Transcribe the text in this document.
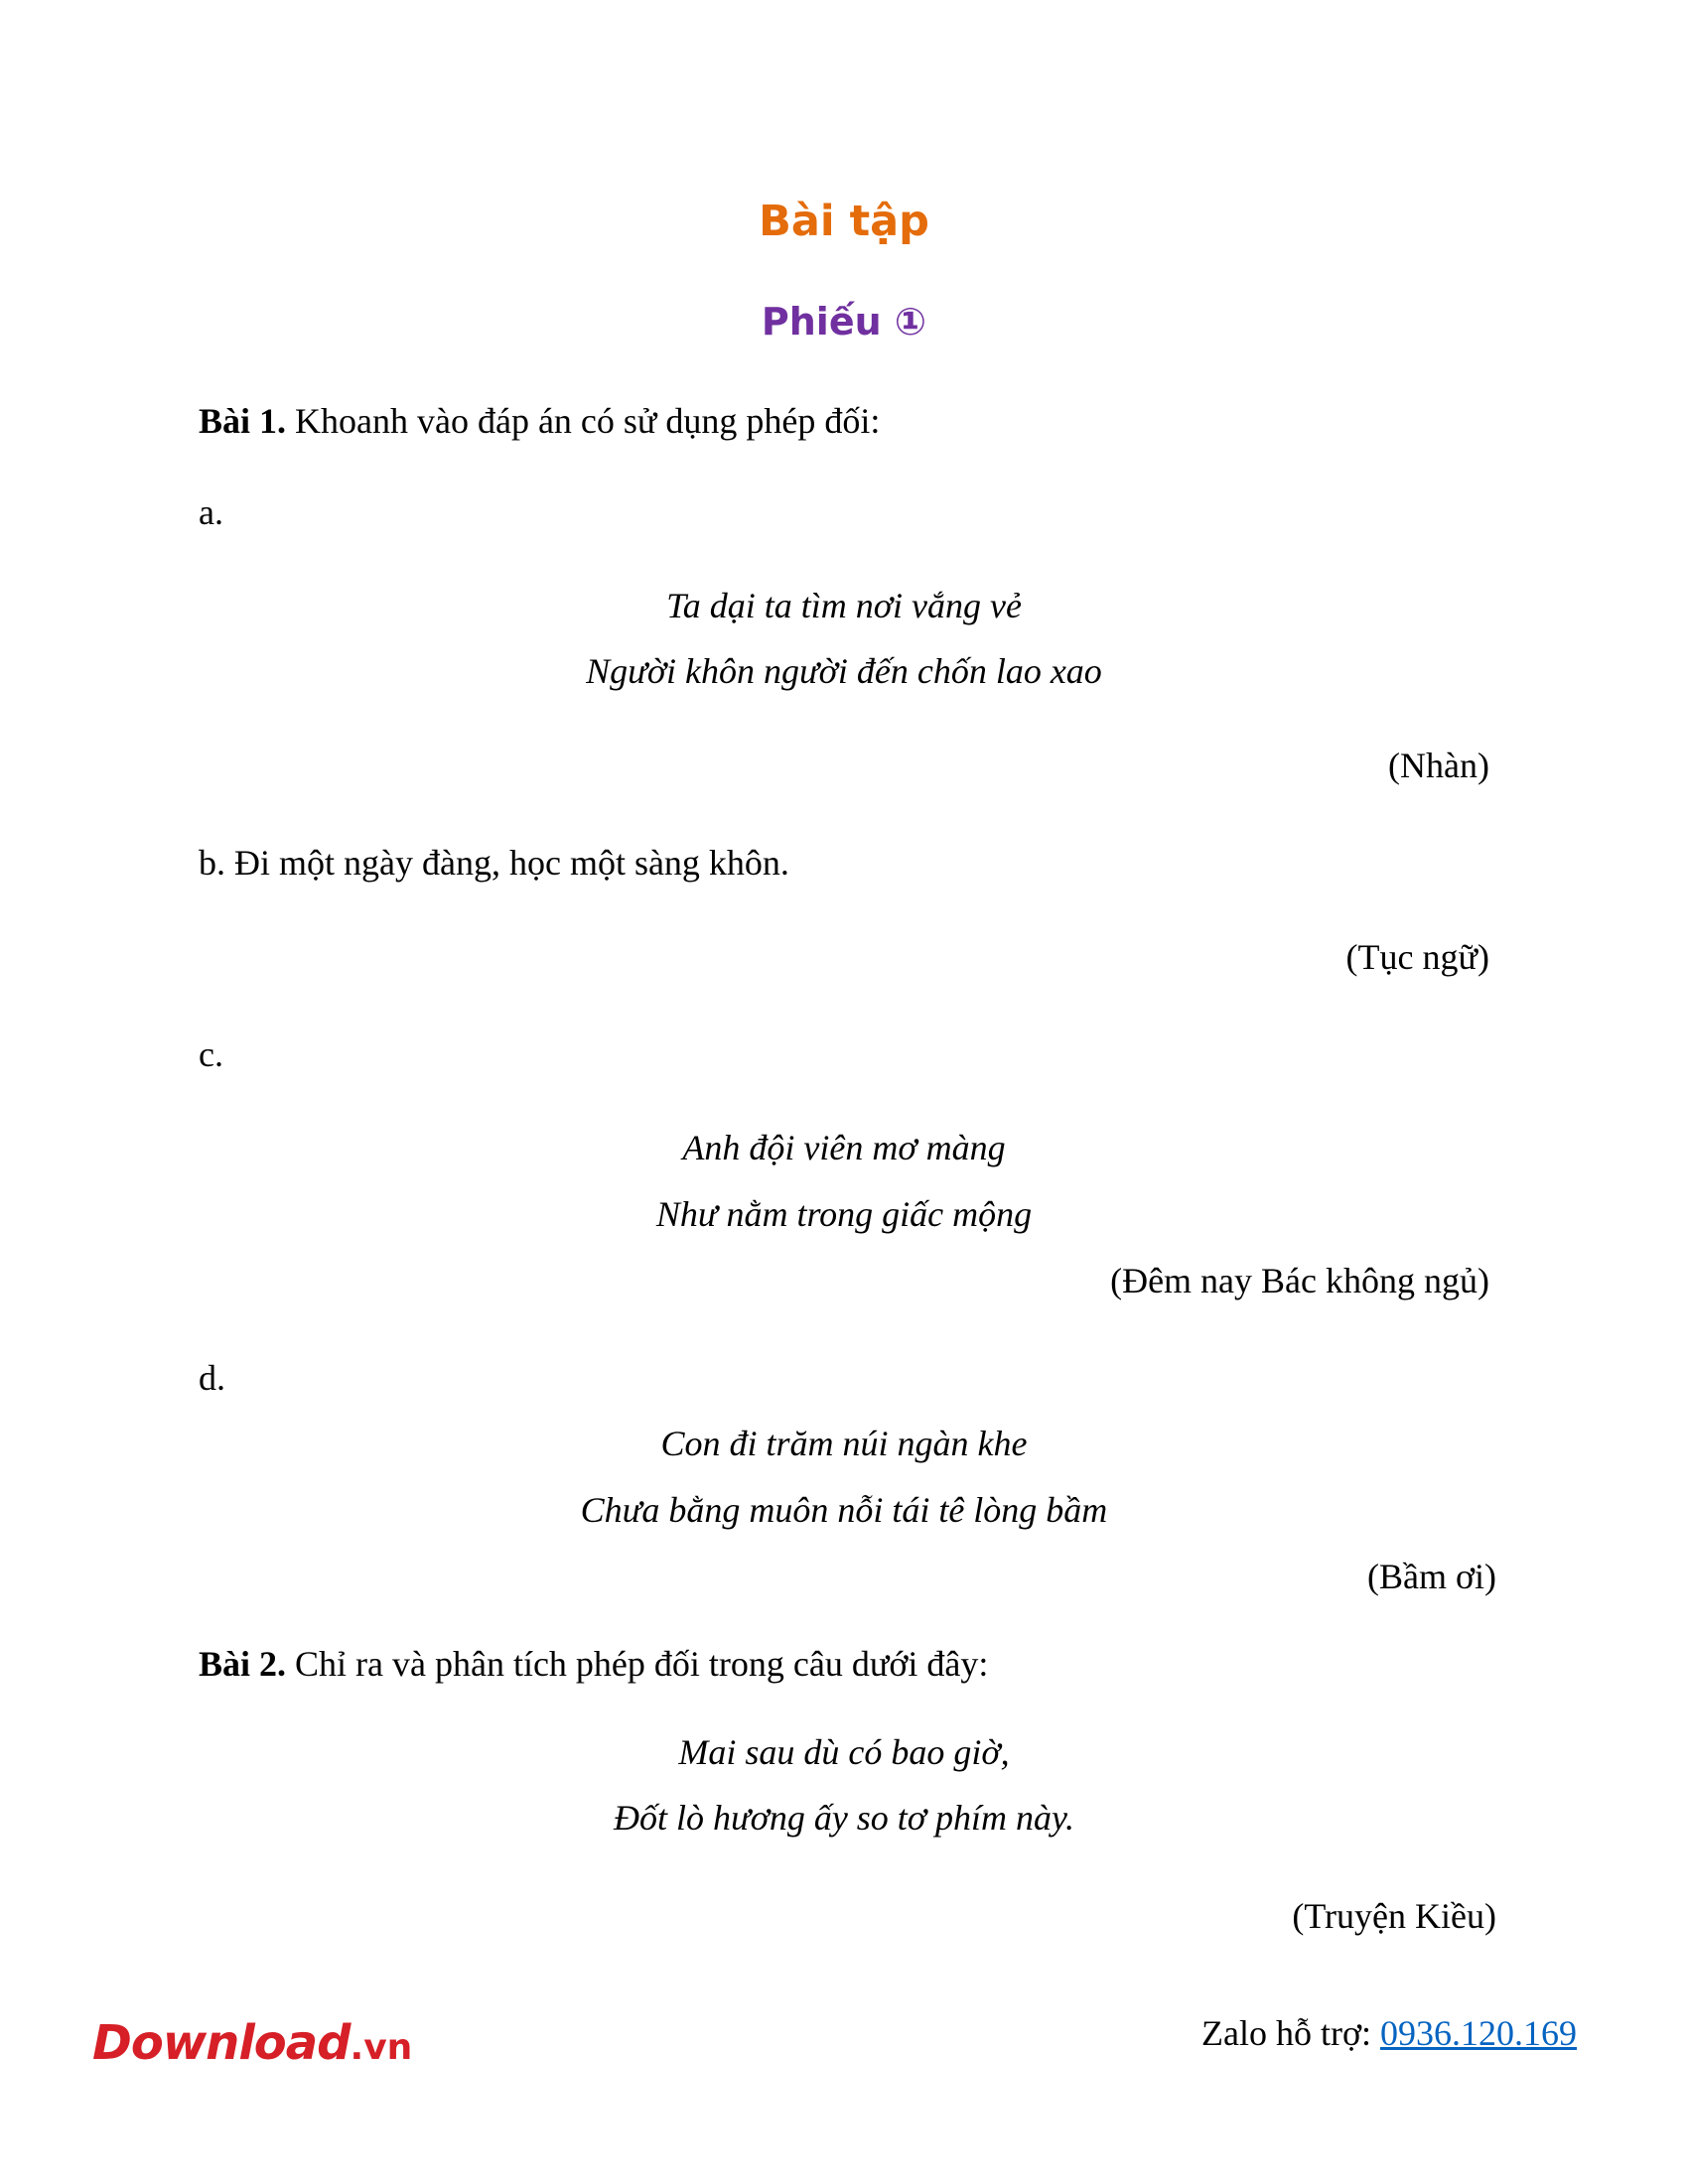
Bài tập
Phiếu ①
Bài 1. Khoanh vào đáp án có sử dụng phép đối:
a.
Ta dại ta tìm nơi vắng vẻ
Người khôn người đến chốn lao xao
(Nhàn)
b. Đi một ngày đàng, học một sàng khôn.
(Tục ngữ)
c.
Anh đội viên mơ màng
Như nằm trong giấc mộng
(Đêm nay Bác không ngủ)
d.
Con đi trăm núi ngàn khe
Chưa bằng muôn nỗi tái tê lòng bầm
(Bầm ơi)
Bài 2. Chỉ ra và phân tích phép đối trong câu dưới đây:
Mai sau dù có bao giờ,
Đốt lò hương ấy so tơ phím này.
(Truyện Kiều)
Download.vn	Zalo hỗ trợ: 0936.120.169
